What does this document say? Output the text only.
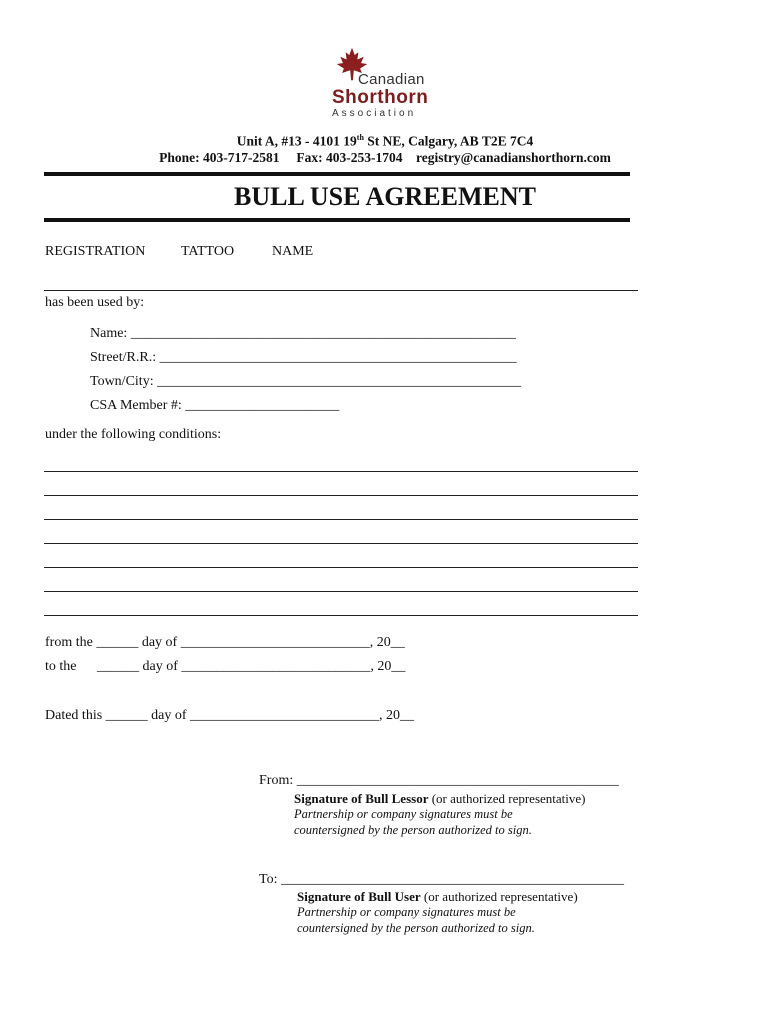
Canadian
Shorthorn
Association
Unit A, #13 - 4101 19th St NE, Calgary, AB T2E 7C4
Phone: 403-717-2581 Fax: 403-253-1704 registry@canadianshorthorn.com
BULL USE AGREEMENT
REGISTRATION	TATTOO	NAME
has been used by:
Name: _______________________________________________________
Street/R.R.: ___________________________________________________
Town/City: ____________________________________________________
CSA Member #: ______________________
under the following conditions:
from the ______ day of ___________________________, 20__
to the ______ day of ___________________________, 20__
Dated this ______ day of ___________________________, 20__
From: ______________________________________________
Signature of Bull Lessor (or authorized representative)
Partnership or company signatures must be
countersigned by the person authorized to sign.
To: _________________________________________________
Signature of Bull User (or authorized representative)
Partnership or company signatures must be
countersigned by the person authorized to sign.
